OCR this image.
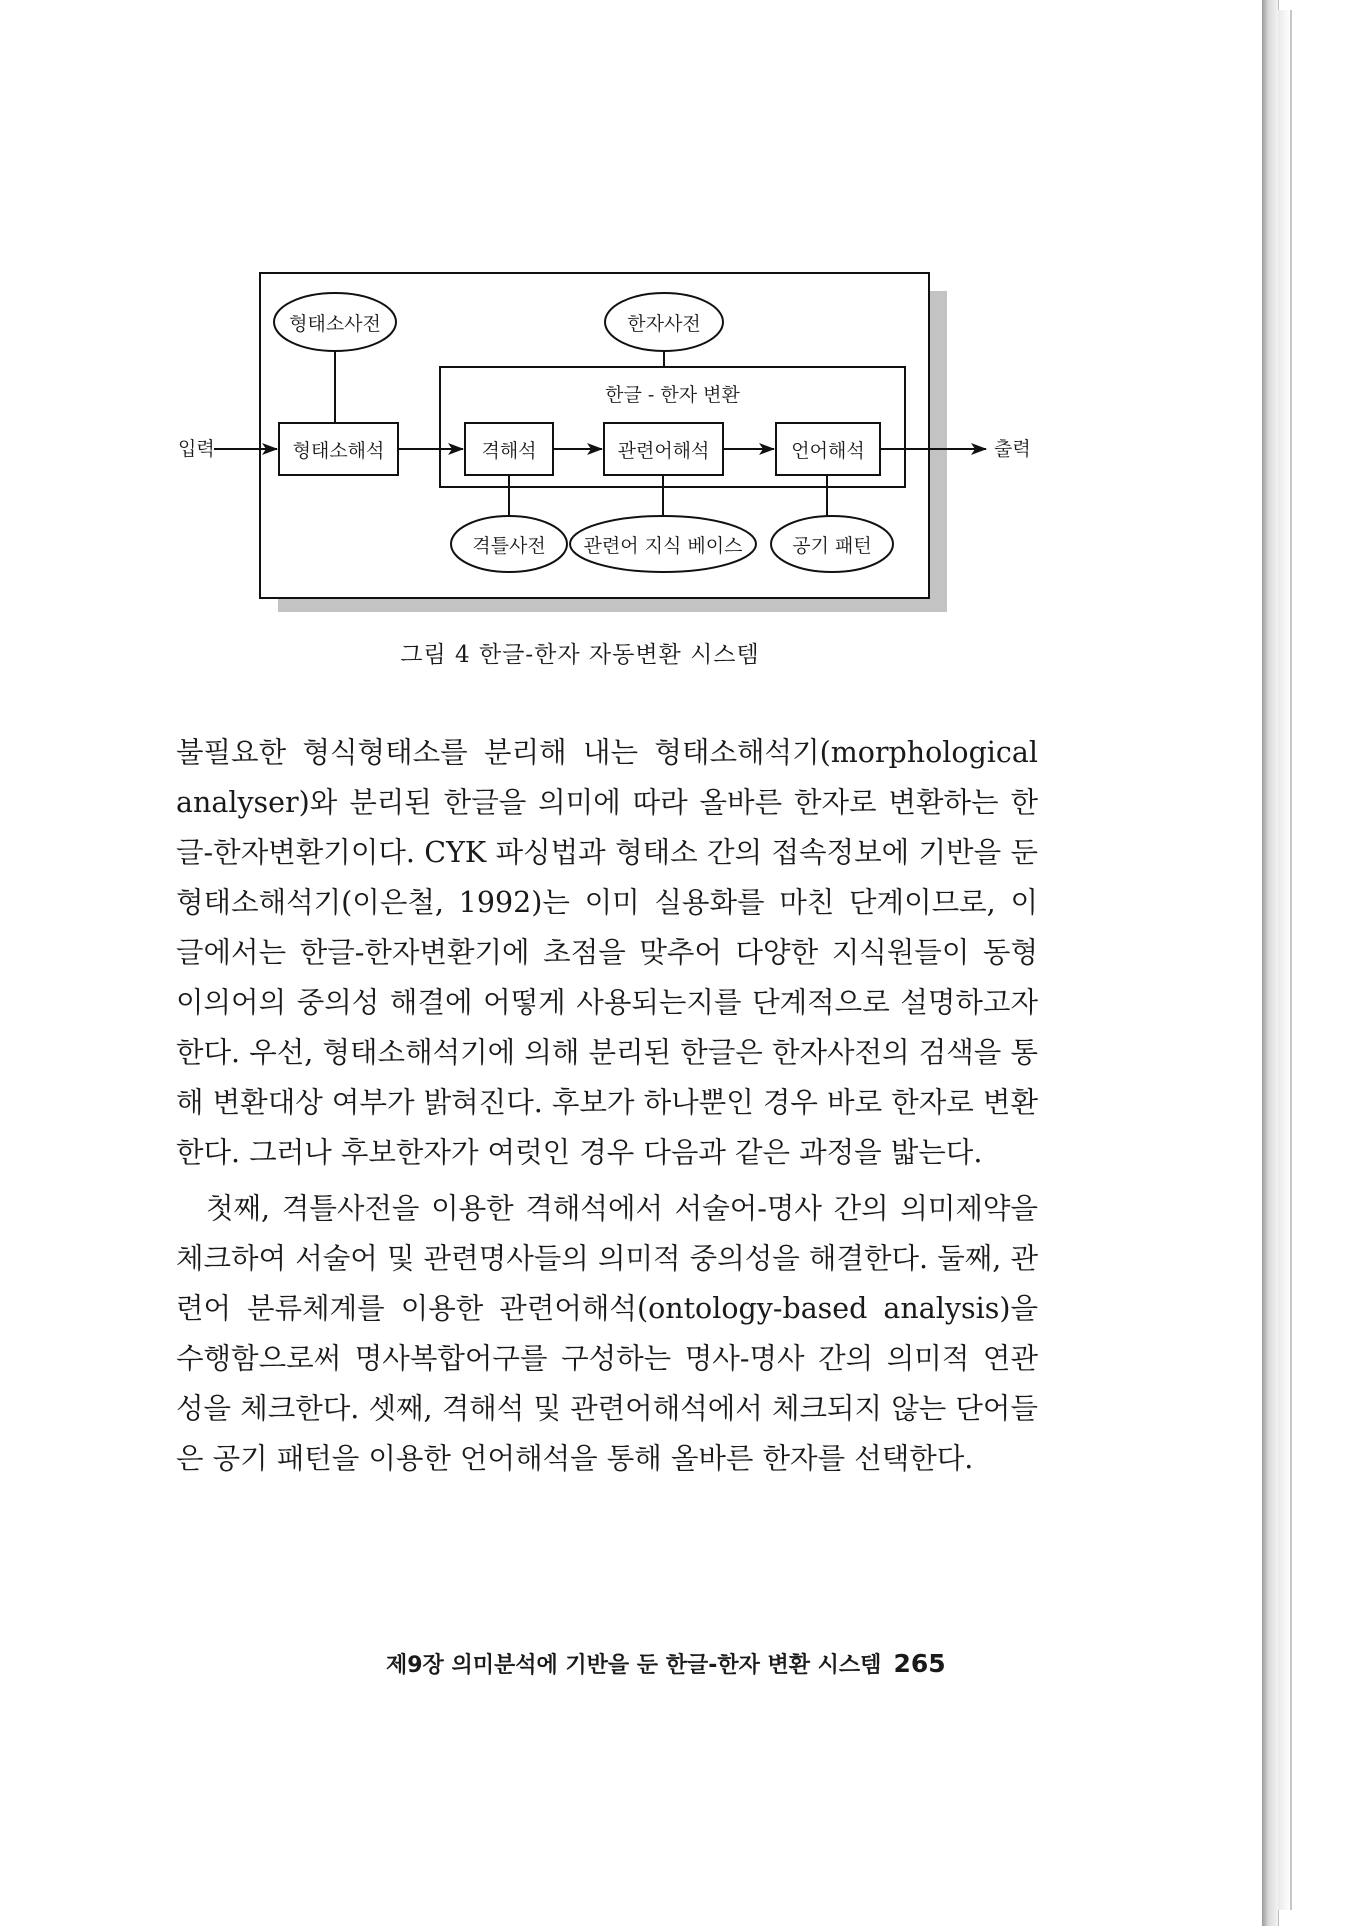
입력	출력
형태소사전	한자사전
한글 - 한자 변환
형태소해석	격해석	관련어해석	언어해석
격틀사전	관련어 지식 베이스	공기 패턴
그림 4 한글-한자 자동변환 시스템

불필요한 형식형태소를 분리해 내는 형태소해석기(morphological analyser)와 분리된 한글을 의미에 따라 올바른 한자로 변환하는 한글-한자변환기이다. CYK 파싱법과 형태소 간의 접속정보에 기반을 둔 형태소해석기(이은철, 1992)는 이미 실용화를 마친 단계이므로, 이 글에서는 한글-한자변환기에 초점을 맞추어 다양한 지식원들이 동형이의어의 중의성 해결에 어떻게 사용되는지를 단계적으로 설명하고자 한다. 우선, 형태소해석기에 의해 분리된 한글은 한자사전의 검색을 통해 변환대상 여부가 밝혀진다. 후보가 하나뿐인 경우 바로 한자로 변환한다. 그러나 후보한자가 여럿인 경우 다음과 같은 과정을 밟는다.

첫째, 격틀사전을 이용한 격해석에서 서술어-명사 간의 의미제약을 체크하여 서술어 및 관련명사들의 의미적 중의성을 해결한다. 둘째, 관련어 분류체계를 이용한 관련어해석(ontology-based analysis)을 수행함으로써 명사복합어구를 구성하는 명사-명사 간의 의미적 연관성을 체크한다. 셋째, 격해석 및 관련어해석에서 체크되지 않는 단어들은 공기 패턴을 이용한 언어해석을 통해 올바른 한자를 선택한다.

제9장 의미분석에 기반을 둔 한글-한자 변환 시스템 265
